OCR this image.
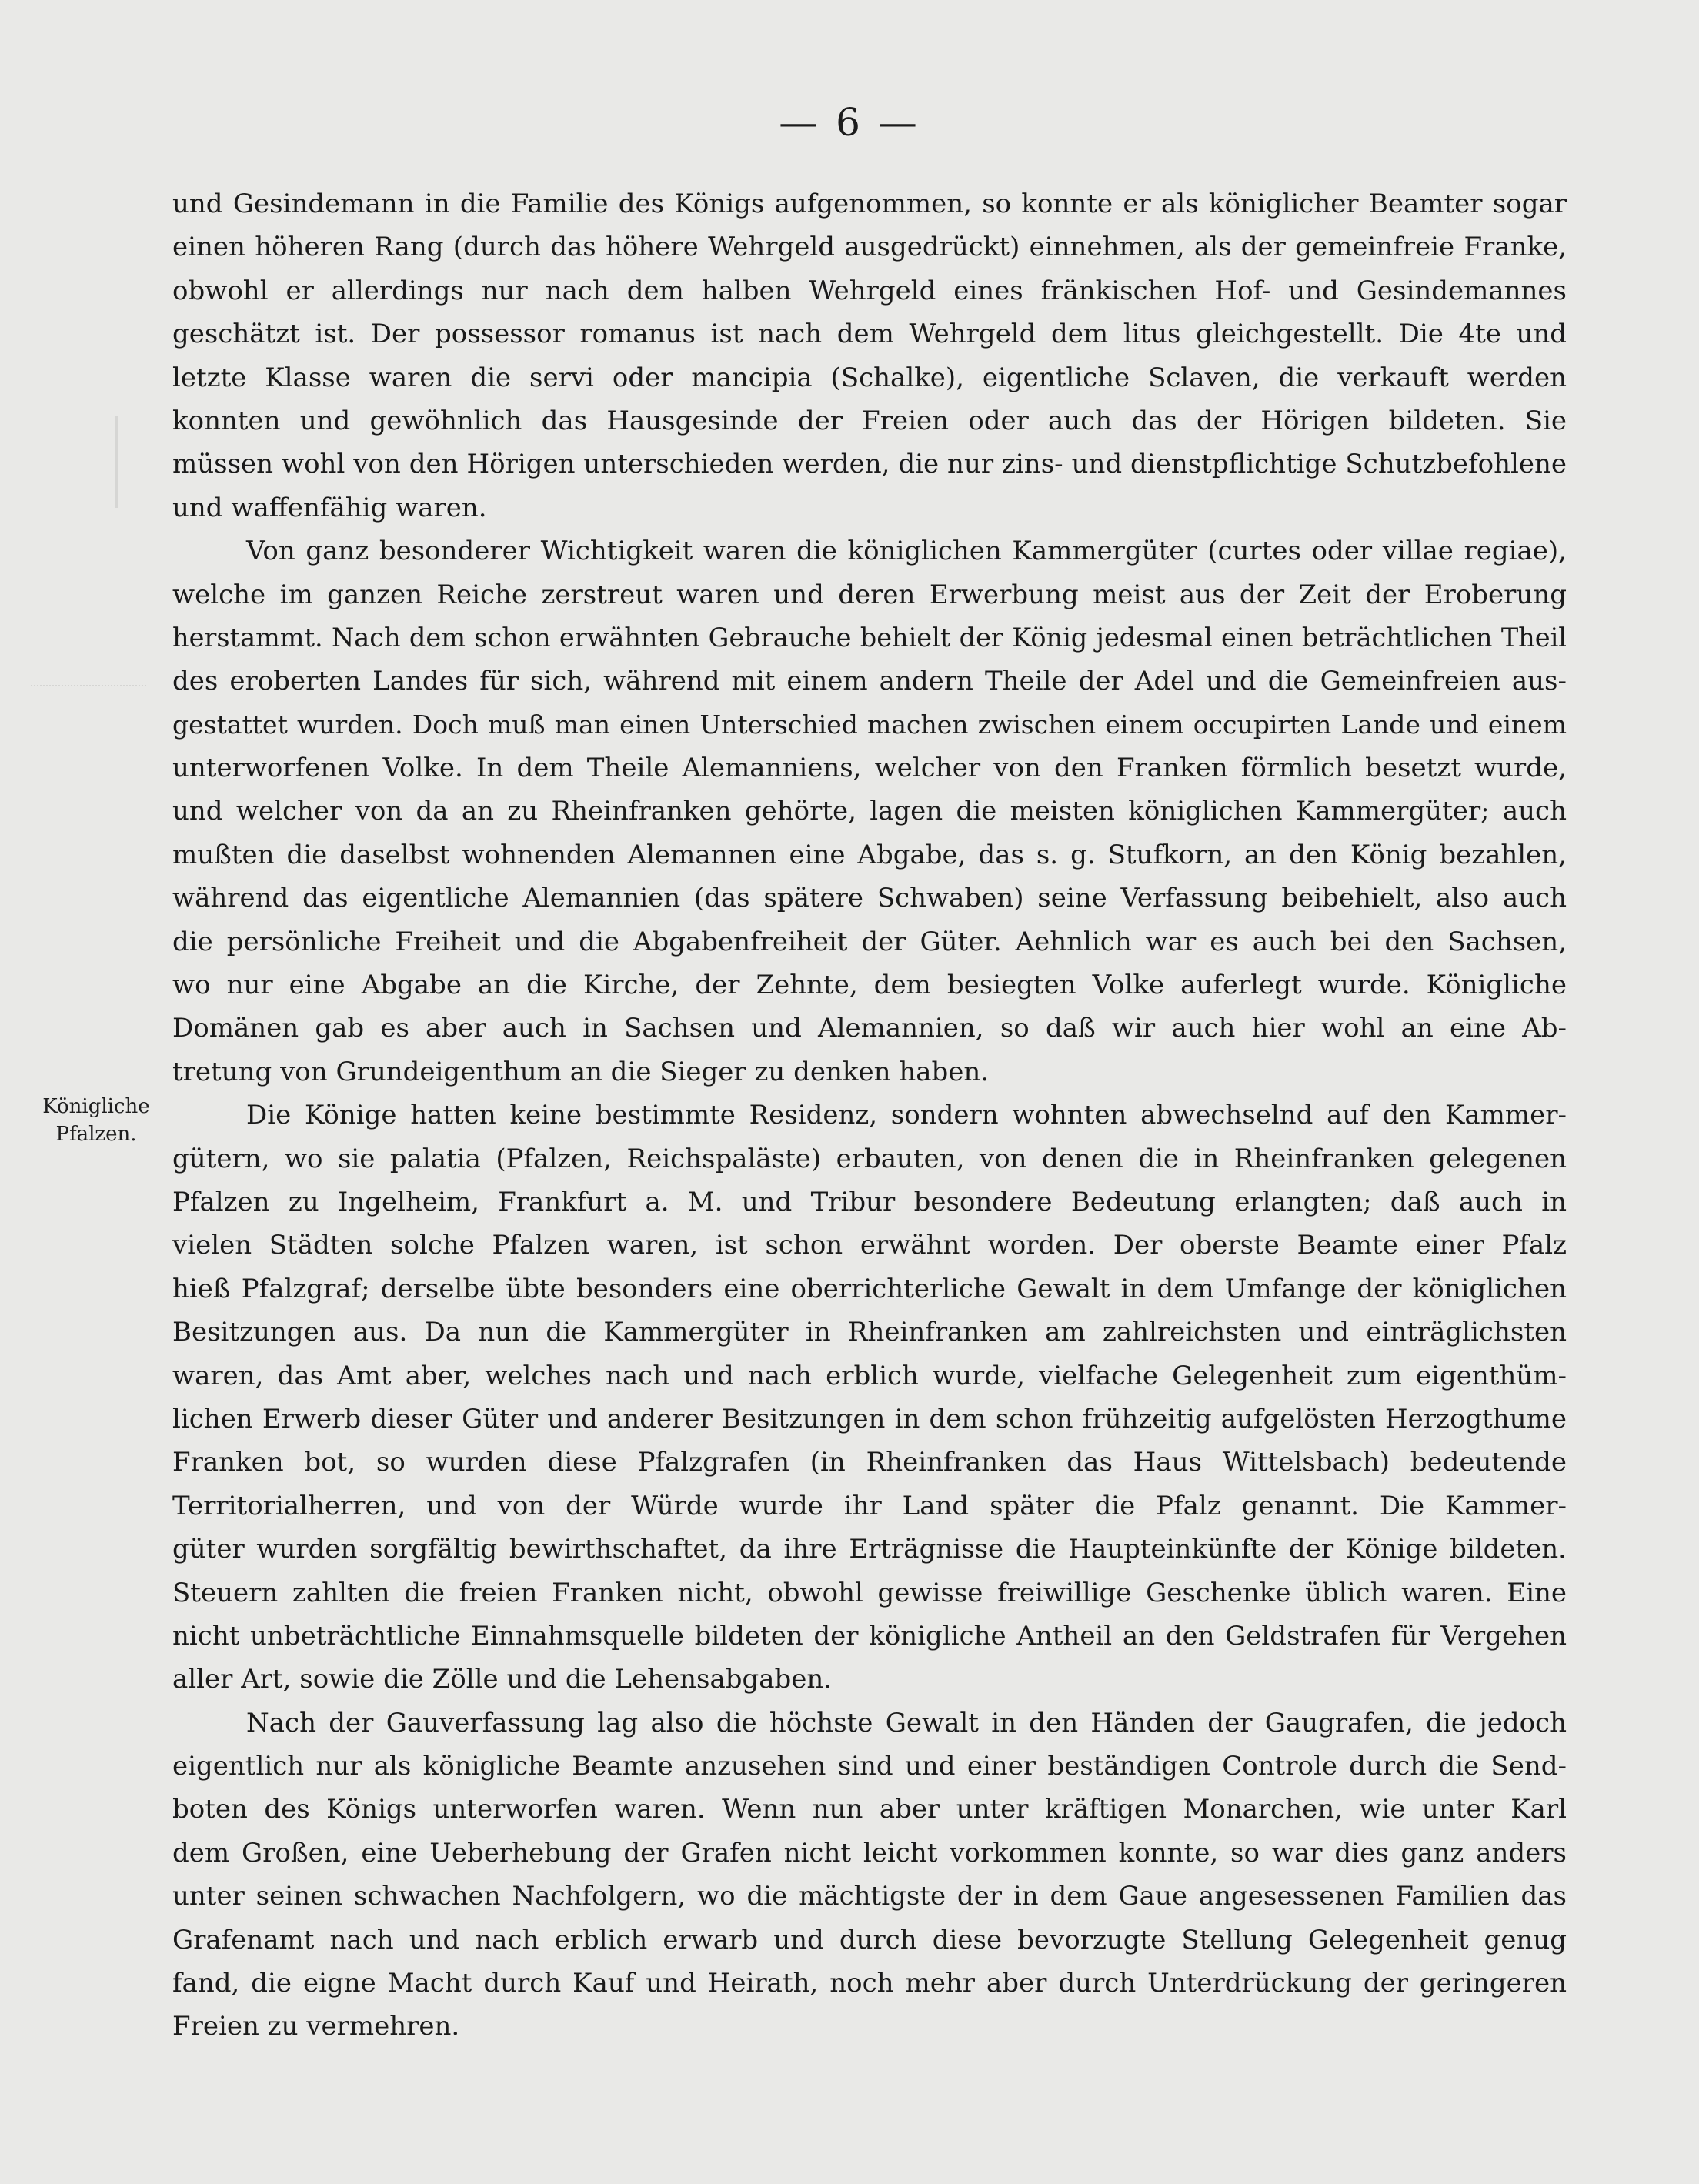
— 6 —
und Gesindemann in die Familie des Königs aufgenommen, so konnte er als königlicher Beamter sogar
einen höheren Rang (durch das höhere Wehrgeld ausgedrückt) einnehmen, als der gemeinfreie Franke,
obwohl er allerdings nur nach dem halben Wehrgeld eines fränkischen Hof- und Gesindemannes
geschätzt ist. Der possessor romanus ist nach dem Wehrgeld dem litus gleichgestellt. Die 4te und
letzte Klasse waren die servi oder mancipia (Schalke), eigentliche Sclaven, die verkauft werden
konnten und gewöhnlich das Hausgesinde der Freien oder auch das der Hörigen bildeten. Sie
müssen wohl von den Hörigen unterschieden werden, die nur zins- und dienstpflichtige Schutzbefohlene
und waffenfähig waren.
Von ganz besonderer Wichtigkeit waren die königlichen Kammergüter (curtes oder villae regiae),
welche im ganzen Reiche zerstreut waren und deren Erwerbung meist aus der Zeit der Eroberung
herstammt. Nach dem schon erwähnten Gebrauche behielt der König jedesmal einen beträchtlichen Theil
des eroberten Landes für sich, während mit einem andern Theile der Adel und die Gemeinfreien aus-
gestattet wurden. Doch muß man einen Unterschied machen zwischen einem occupirten Lande und einem
unterworfenen Volke. In dem Theile Alemanniens, welcher von den Franken förmlich besetzt wurde,
und welcher von da an zu Rheinfranken gehörte, lagen die meisten königlichen Kammergüter; auch
mußten die daselbst wohnenden Alemannen eine Abgabe, das s. g. Stufkorn, an den König bezahlen,
während das eigentliche Alemannien (das spätere Schwaben) seine Verfassung beibehielt, also auch
die persönliche Freiheit und die Abgabenfreiheit der Güter. Aehnlich war es auch bei den Sachsen,
wo nur eine Abgabe an die Kirche, der Zehnte, dem besiegten Volke auferlegt wurde. Königliche
Domänen gab es aber auch in Sachsen und Alemannien, so daß wir auch hier wohl an eine Ab-
tretung von Grundeigenthum an die Sieger zu denken haben.
Die Könige hatten keine bestimmte Residenz, sondern wohnten abwechselnd auf den Kammer-
gütern, wo sie palatia (Pfalzen, Reichspaläste) erbauten, von denen die in Rheinfranken gelegenen
Pfalzen zu Ingelheim, Frankfurt a. M. und Tribur besondere Bedeutung erlangten; daß auch in
vielen Städten solche Pfalzen waren, ist schon erwähnt worden. Der oberste Beamte einer Pfalz
hieß Pfalzgraf; derselbe übte besonders eine oberrichterliche Gewalt in dem Umfange der königlichen
Besitzungen aus. Da nun die Kammergüter in Rheinfranken am zahlreichsten und einträglichsten
waren, das Amt aber, welches nach und nach erblich wurde, vielfache Gelegenheit zum eigenthüm-
lichen Erwerb dieser Güter und anderer Besitzungen in dem schon frühzeitig aufgelösten Herzogthume
Franken bot, so wurden diese Pfalzgrafen (in Rheinfranken das Haus Wittelsbach) bedeutende
Territorialherren, und von der Würde wurde ihr Land später die Pfalz genannt. Die Kammer-
güter wurden sorgfältig bewirthschaftet, da ihre Erträgnisse die Haupteinkünfte der Könige bildeten.
Steuern zahlten die freien Franken nicht, obwohl gewisse freiwillige Geschenke üblich waren. Eine
nicht unbeträchtliche Einnahmsquelle bildeten der königliche Antheil an den Geldstrafen für Vergehen
aller Art, sowie die Zölle und die Lehensabgaben.
Nach der Gauverfassung lag also die höchste Gewalt in den Händen der Gaugrafen, die jedoch
eigentlich nur als königliche Beamte anzusehen sind und einer beständigen Controle durch die Send-
boten des Königs unterworfen waren. Wenn nun aber unter kräftigen Monarchen, wie unter Karl
dem Großen, eine Ueberhebung der Grafen nicht leicht vorkommen konnte, so war dies ganz anders
unter seinen schwachen Nachfolgern, wo die mächtigste der in dem Gaue angesessenen Familien das
Grafenamt nach und nach erblich erwarb und durch diese bevorzugte Stellung Gelegenheit genug
fand, die eigne Macht durch Kauf und Heirath, noch mehr aber durch Unterdrückung der geringeren
Freien zu vermehren.
Königliche
Pfalzen.
